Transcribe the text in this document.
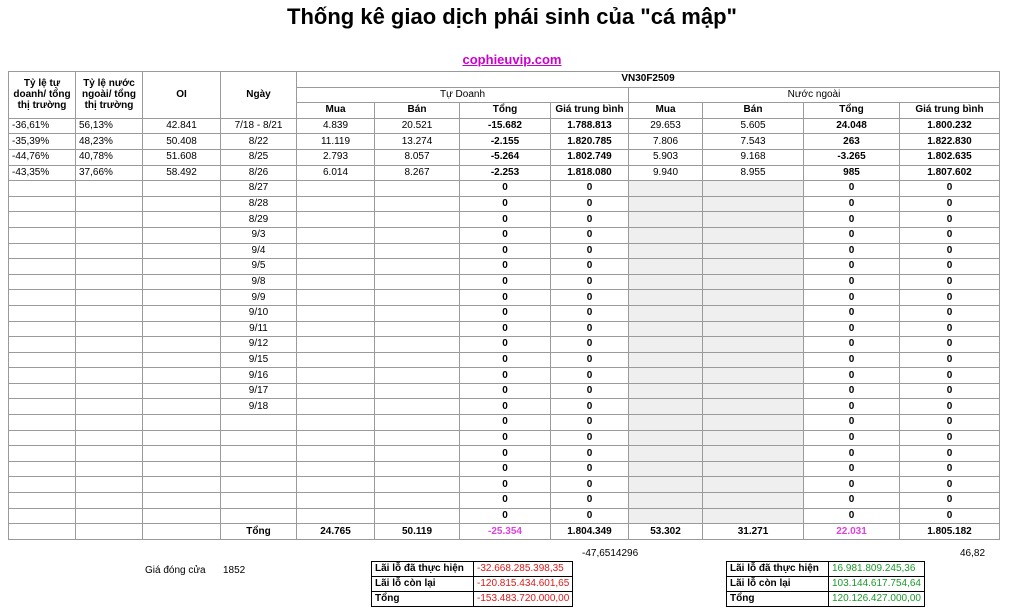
Thống kê giao dịch phái sinh của "cá mập"
cophieuvip.com
Tỷ lệ tự doanh/ tổng thị trường	Tỷ lệ nước ngoài/ tổng thị trường	OI	Ngày	VN30F2509							
				Tự Doanh				Nước ngoài			
				Mua	Bán	Tổng	Giá trung bình	Mua	Bán	Tổng	Giá trung bình
-36,61%	56,13%	42.841	7/18 - 8/21	4.839	20.521	-15.682	1.788.813	29.653	5.605	24.048	1.800.232
-35,39%	48,23%	50.408	8/22	11.119	13.274	-2.155	1.820.785	7.806	7.543	263	1.822.830
-44,76%	40,78%	51.608	8/25	2.793	8.057	-5.264	1.802.749	5.903	9.168	-3.265	1.802.635
-43,35%	37,66%	58.492	8/26	6.014	8.267	-2.253	1.818.080	9.940	8.955	985	1.807.602
			8/27			0	0			0	0
			8/28			0	0			0	0
			8/29			0	0			0	0
			9/3			0	0			0	0
			9/4			0	0			0	0
			9/5			0	0			0	0
			9/8			0	0			0	0
			9/9			0	0			0	0
			9/10			0	0			0	0
			9/11			0	0			0	0
			9/12			0	0			0	0
			9/15			0	0			0	0
			9/16			0	0			0	0
			9/17			0	0			0	0
			9/18			0	0			0	0
						0	0			0	0
						0	0			0	0
						0	0			0	0
						0	0			0	0
						0	0			0	0
						0	0			0	0
						0	0			0	0
			Tổng	24.765	50.119	-25.354	1.804.349	53.302	31.271	22.031	1.805.182
-47,6514296	46,82
Giá đóng cửa 1852	Lãi lỗ đã thực hiện	-32.668.285.398,35
Lãi lỗ còn lại	-120.815.434.601,65
Tổng	-153.483.720.000,00
Lãi lỗ đã thực hiện	16.981.809.245,36
Lãi lỗ còn lại	103.144.617.754,64
Tổng	120.126.427.000,00
